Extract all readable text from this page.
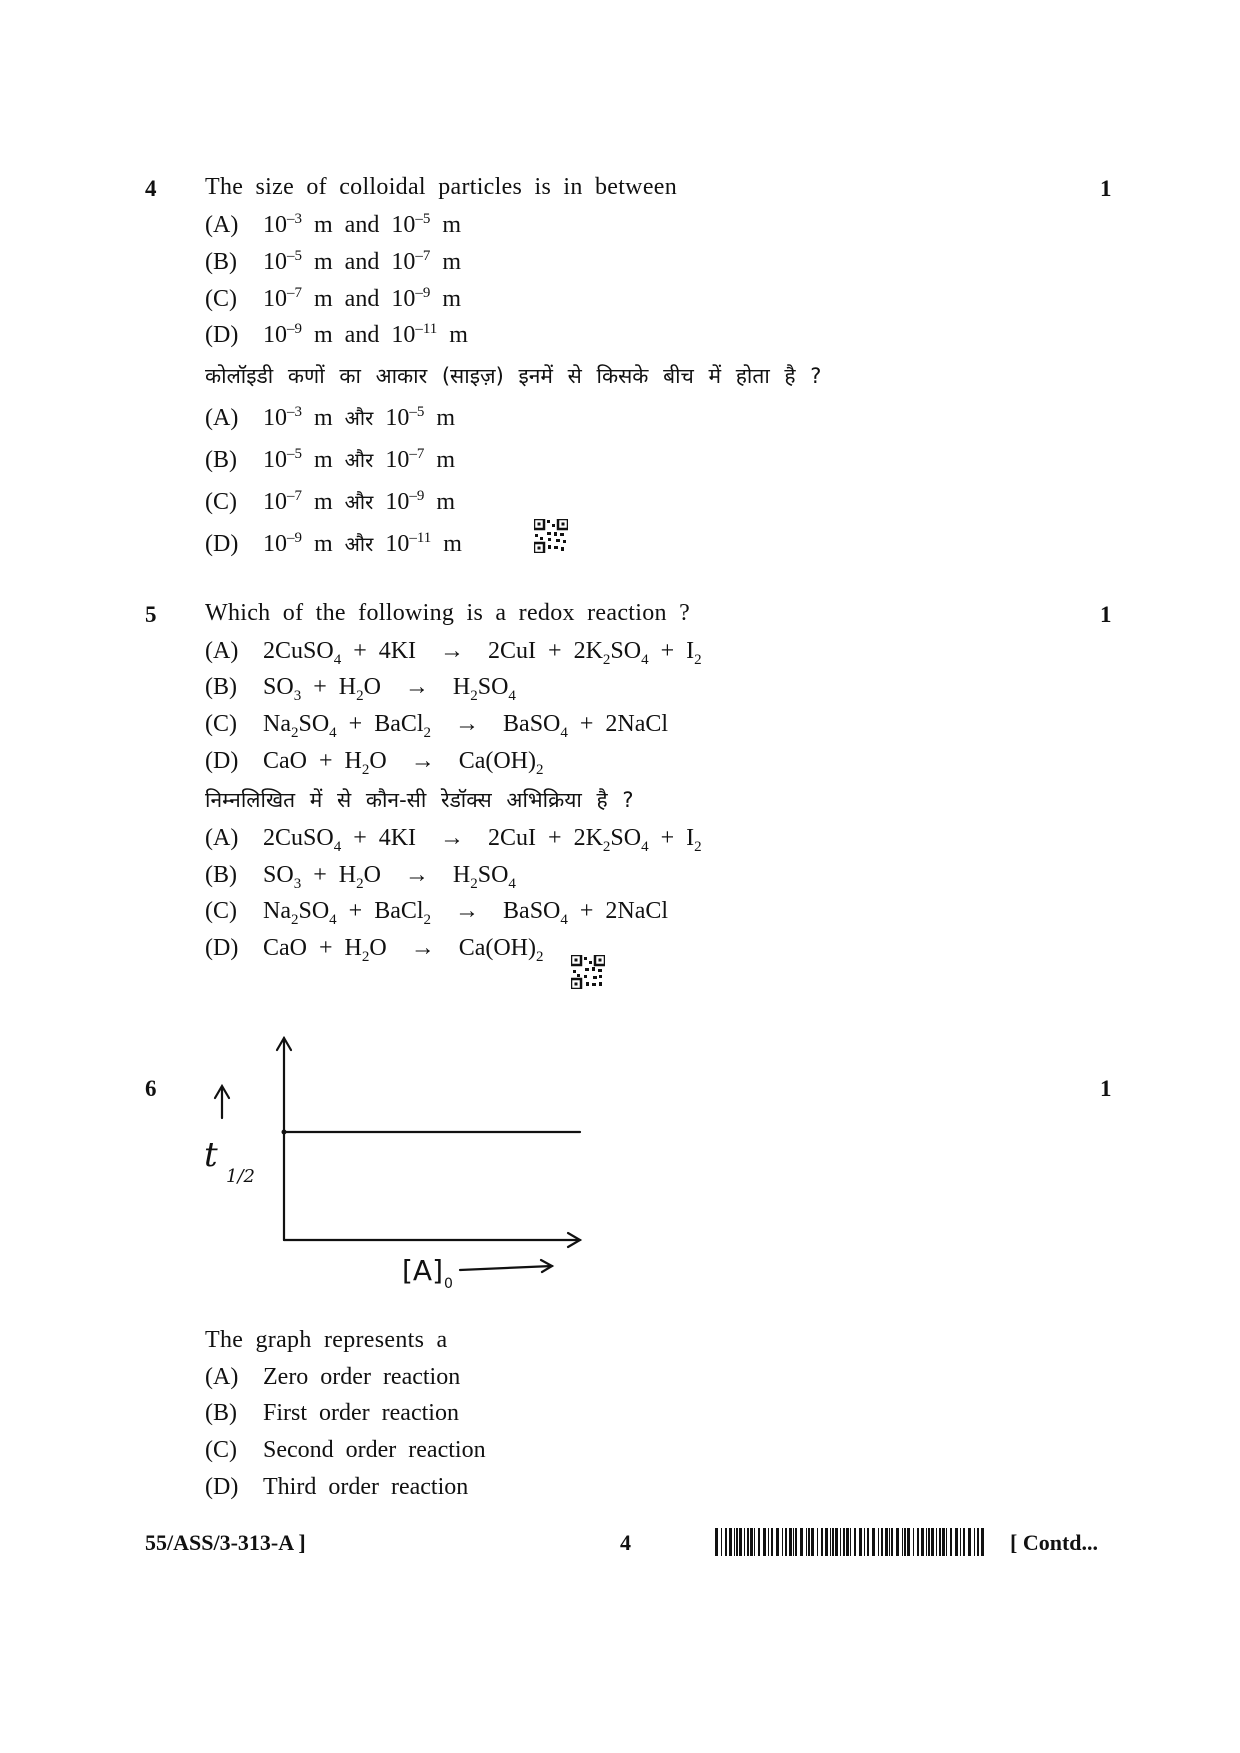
4 The size of colloidal particles is in between	1
(A) $10^{-3}$ m and $10^{-5}$ m
(B) $10^{-5}$ m and $10^{-7}$ m
(C) $10^{-7}$ m and $10^{-9}$ m
(D) $10^{-9}$ m and $10^{-11}$ m
कोलॉइडी कणों का आकार (साइज़) इनमें से किसके बीच में होता है ?
(A) $10^{-3}$ m और $10^{-5}$ m
(B) $10^{-5}$ m और $10^{-7}$ m
(C) $10^{-7}$ m और $10^{-9}$ m
(D) $10^{-9}$ m और $10^{-11}$ m
5 Which of the following is a redox reaction ?	1
(A) 2CuSO$_4$ + $4KI \to 2CuI + 2K_2SO_4 + I_2$
(B) $SO_3 + H_2O \to H_2SO_4$
(C) $Na_2SO_4$ + BaCl$_2$  →  BaSO$_4$ + 2NaCl
(D) CaO + $H_2O \to Ca(OH)_2$
निम्नलिखित में से कौन-सी रेडॉक्स अभिक्रिया है ?
(A) 2CuSO$_4$ + $4KI \to 2CuI + 2K_2SO_4 + I_2$
(B) $SO_3 + H_2O \to H_2SO_4$
(C) $Na_2SO_4$ + BaCl$_2$  →  BaSO$_4$ + 2NaCl
(D) CaO + $H_2O \to Ca(OH)_2$
6	1
t
1/2
[A] 0
The graph represents a
(A) Zero order reaction
(B) First order reaction
(C) Second order reaction
(D) Third order reaction
55/ASS/3-313-A ]	4	[ Contd...
